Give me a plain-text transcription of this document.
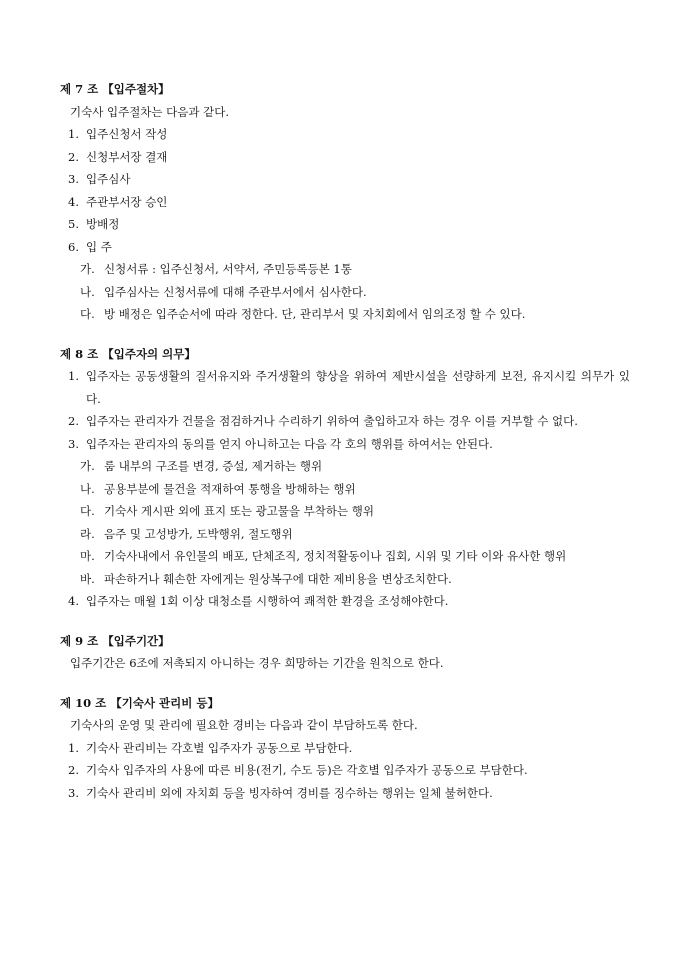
제 7 조 【입주절차】
기숙사 입주절차는 다음과 같다.
1. 입주신청서 작성
2. 신청부서장 결재
3. 입주심사
4. 주관부서장 승인
5. 방배정
6. 입 주
가. 신청서류 : 입주신청서, 서약서, 주민등록등본 1통
나. 입주심사는 신청서류에 대해 주관부서에서 심사한다.
다. 방 배정은 입주순서에 따라 정한다. 단, 관리부서 및 자치회에서 임의조정 할 수 있다.
제 8 조 【입주자의 의무】
1. 입주자는 공동생활의 질서유지와 주거생활의 향상을 위하여 제반시설을 선량하게 보전, 유지시킬 의무가 있다.
2. 입주자는 관리자가 건물을 점검하거나 수리하기 위하여 출입하고자 하는 경우 이를 거부할 수 없다.
3. 입주자는 관리자의 동의를 얻지 아니하고는 다음 각 호의 행위를 하여서는 안된다.
가. 룸 내부의 구조를 변경, 증설, 제거하는 행위
나. 공용부분에 물건을 적재하여 통행을 방해하는 행위
다. 기숙사 게시판 외에 표지 또는 광고물을 부착하는 행위
라. 음주 및 고성방가, 도박행위, 절도행위
마. 기숙사내에서 유인물의 배포, 단체조직, 정치적활동이나 집회, 시위 및 기타 이와 유사한 행위
바. 파손하거나 훼손한 자에게는 원상복구에 대한 제비용을 변상조치한다.
4. 입주자는 매월 1회 이상 대청소를 시행하여 쾌적한 환경을 조성해야한다.
제 9 조 【입주기간】
입주기간은 6조에 저촉되지 아니하는 경우 희망하는 기간을 원칙으로 한다.
제 10 조 【기숙사 관리비 등】
기숙사의 운영 및 관리에 필요한 경비는 다음과 같이 부담하도록 한다.
1. 기숙사 관리비는 각호별 입주자가 공동으로 부담한다.
2. 기숙사 입주자의 사용에 따른 비용(전기, 수도 등)은 각호별 입주자가 공동으로 부담한다.
3. 기숙사 관리비 외에 자치회 등을 빙자하여 경비를 징수하는 행위는 일체 불허한다.
